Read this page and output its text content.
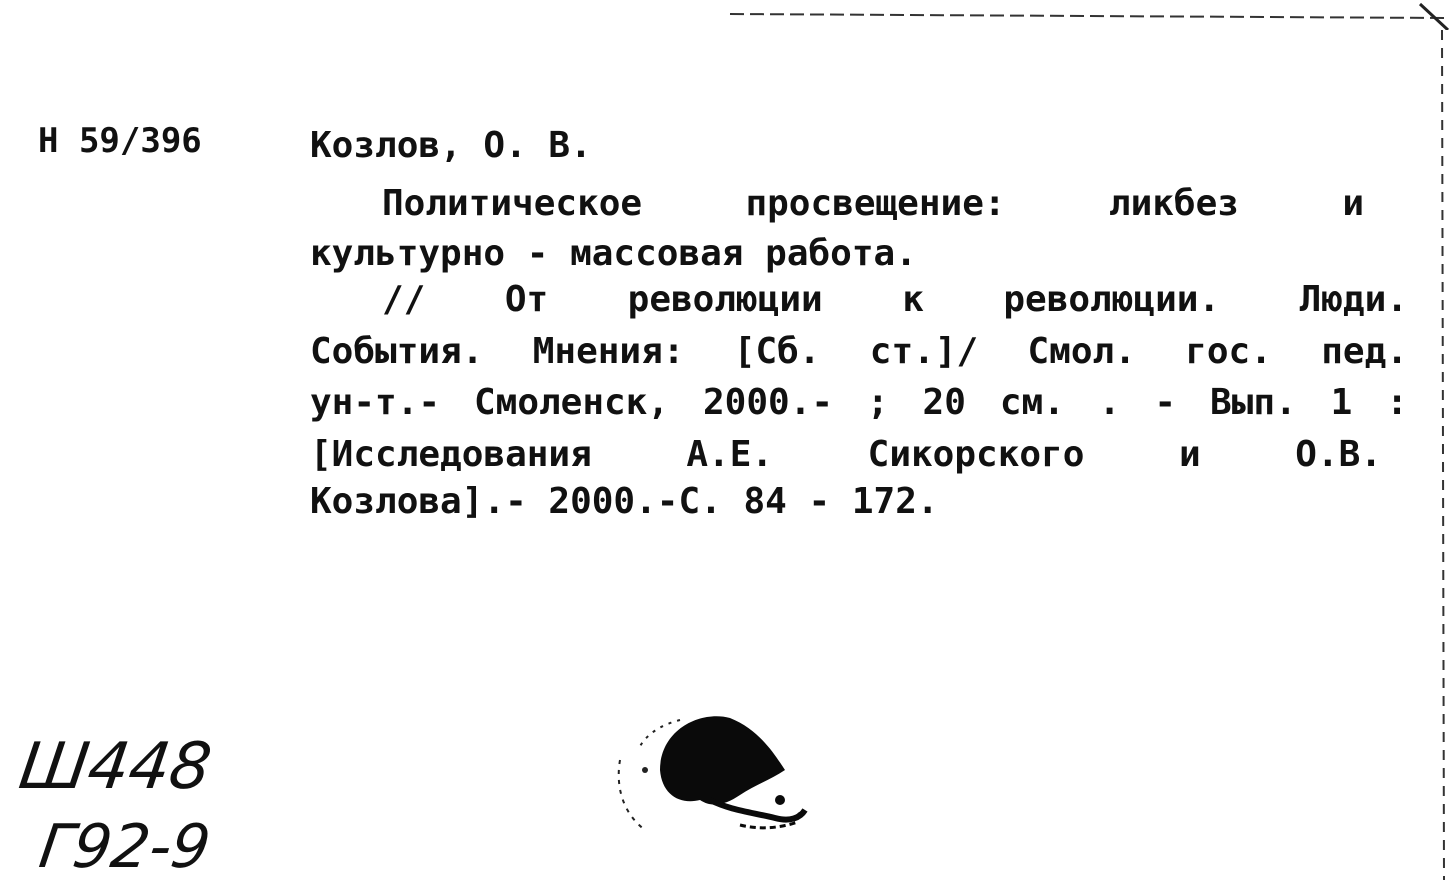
Н 59/396	Козлов, О. В.
Политическое	просвещение:	ликбез	и
культурно - массовая работа.
// От революции к революции. Люди.
События. Мнения: [Сб. ст.]/ Смол. гос. пед.
ун-т.- Смоленск, 2000.- ; 20 см. . - Вып. 1 :
[Исследования	А.Е.	Сикорского	и	О.В.
Козлова].- 2000.-С. 84 - 172.
Ш448
Г92-9
